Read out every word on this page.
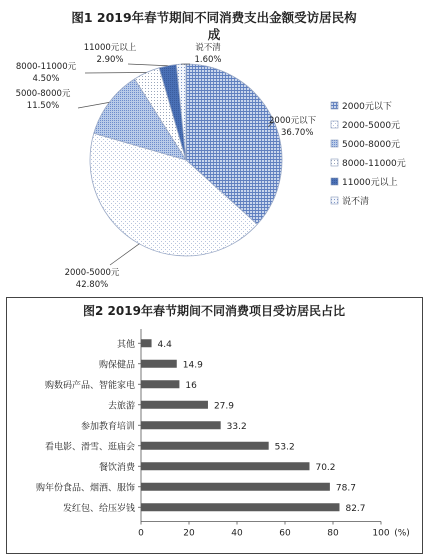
图1 2019年春节期间不同消费支出金额受访居民构
成
2000元以下
36.70%
2000-5000元
42.80%
5000-8000元
11.50%
8000-11000元
4.50%
11000元以上
2.90%
说不清
1.60%
2000元以下
2000-5000元
5000-8000元
8000-11000元
11000元以上
说不清
图2 2019年春节期间不同消费项目受访居民占比
其他	4.4
购保健品	14.9
购数码产品、智能家电	16
去旅游	27.9
参加教育培训	33.2
看电影、滑雪、逛庙会	53.2
餐饮消费	70.2
购年份食品、烟酒、服饰	78.7
发红包、给压岁钱	82.7
0	20	40	60	80	100 (%)
